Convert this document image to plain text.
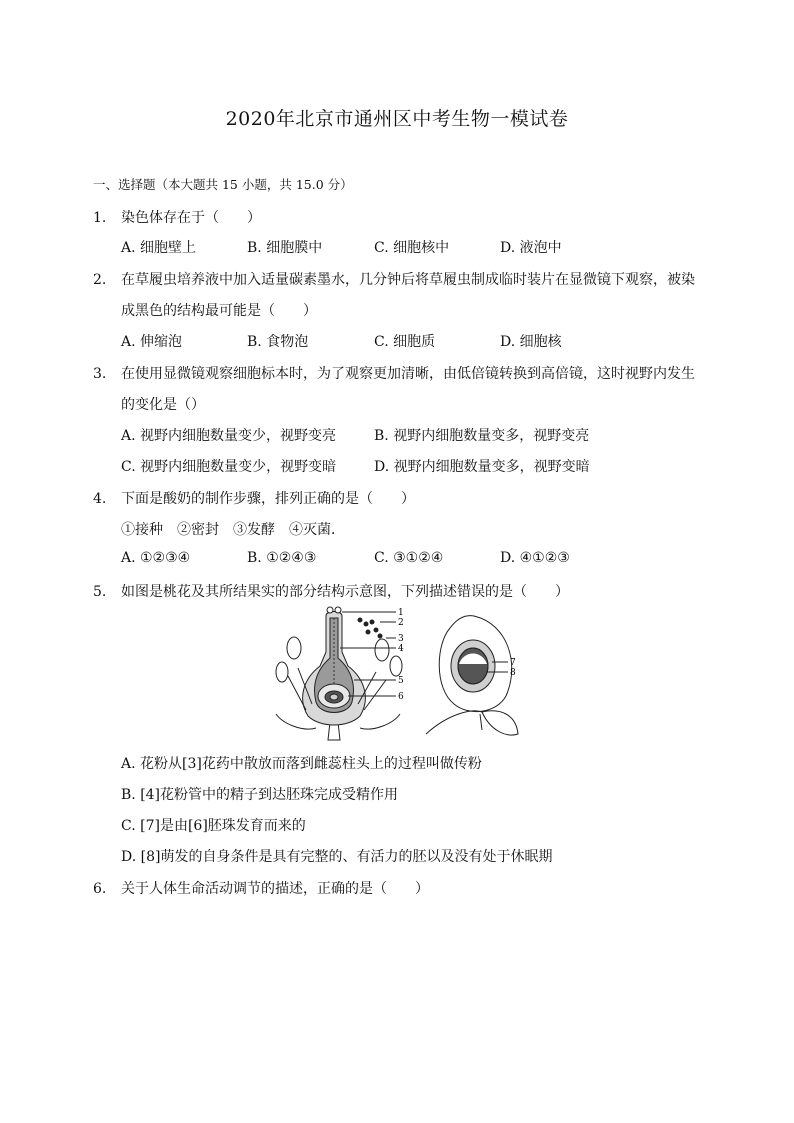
2020年北京市通州区中考生物一模试卷
一、选择题（本大题共 15 小题，共 15.0 分）
1. 染色体存在于（　　）
A. 细胞壁上	B. 细胞膜中	C. 细胞核中	D. 液泡中
2. 在草履虫培养液中加入适量碳素墨水，几分钟后将草履虫制成临时装片在显微镜下观察，被染
成黑色的结构最可能是（　　）
A. 伸缩泡	B. 食物泡	C. 细胞质	D. 细胞核
3. 在使用显微镜观察细胞标本时，为了观察更加清晰，由低倍镜转换到高倍镜，这时视野内发生
的变化是（）
A. 视野内细胞数量变少，视野变亮	B. 视野内细胞数量变多，视野变亮
C. 视野内细胞数量变少，视野变暗	D. 视野内细胞数量变多，视野变暗
4. 下面是酸奶的制作步骤，排列正确的是（　　）
①接种　②密封　③发酵　④灭菌．
A. ①②③④	B. ①②④③	C. ③①②④	D. ④①②③
5. 如图是桃花及其所结果实的部分结构示意图，下列描述错误的是（　　）
1
2
3
4
5
6
7
8
A. 花粉从[3]花药中散放而落到雌蕊柱头上的过程叫做传粉
B. [4]花粉管中的精子到达胚珠完成受精作用
C. [7]是由[6]胚珠发育而来的
D. [8]萌发的自身条件是具有完整的、有活力的胚以及没有处于休眠期
6. 关于人体生命活动调节的描述，正确的是（　　）
